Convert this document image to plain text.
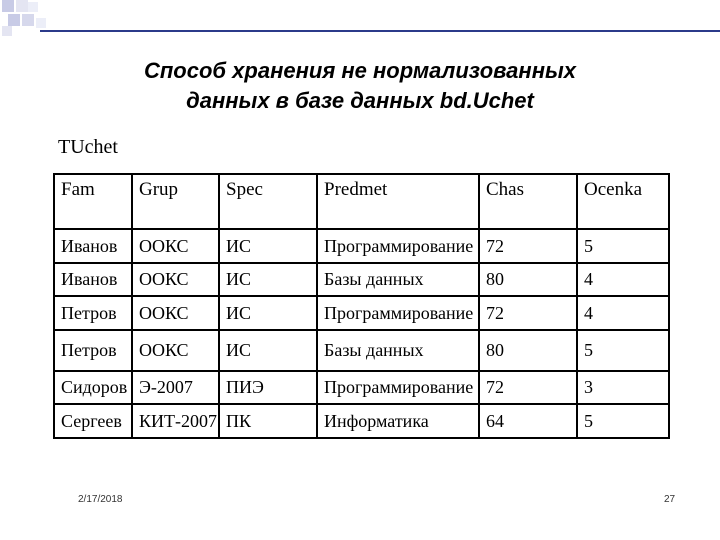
Способ хранения не нормализованных
данных в базе данных bd.Uchet
TUchet
Fam	Grup	Spec	Predmet	Chas	Ocenka
Иванов	ООКС	ИС	Программирование	72	5
Иванов	ООКС	ИС	Базы данных	80	4
Петров	ООКС	ИС	Программирование	72	4
Петров	ООКС	ИС	Базы данных	80	5
Сидоров	Э-2007	ПИЭ	Программирование	72	3
Сергеев	КИТ-2007	ПК	Информатика	64	5
2/17/2018	27
